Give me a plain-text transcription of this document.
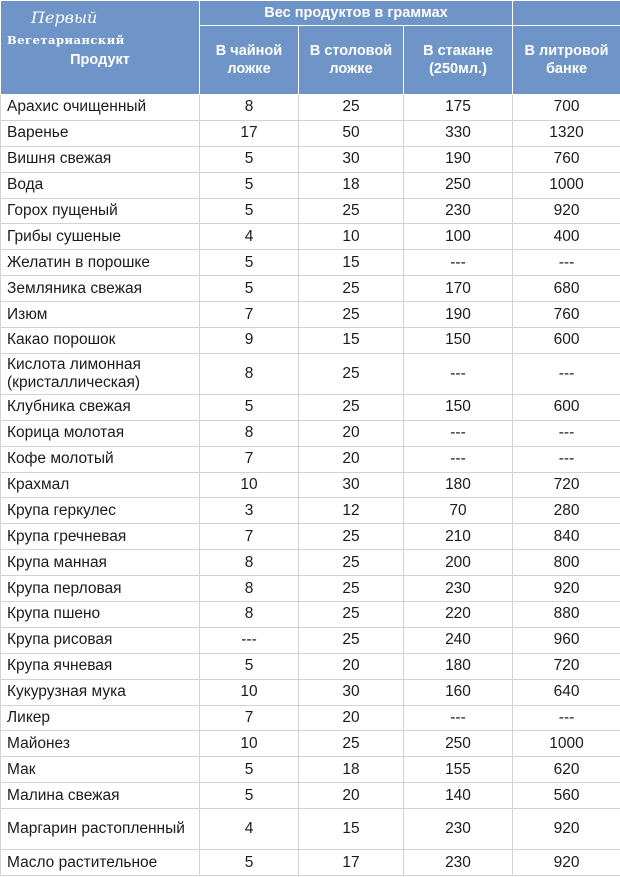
Первый
Вегетарианский
Продукт	Вес продуктов в граммах			
	В чайной ложке	В столовой ложке	В стакане (250мл.)	В литровой банке
Арахис очищенный	8	25	175	700
Варенье	17	50	330	1320
Вишня свежая	5	30	190	760
Вода	5	18	250	1000
Горох пущеный	5	25	230	920
Грибы сушеные	4	10	100	400
Желатин в порошке	5	15	---	---
Земляника свежая	5	25	170	680
Изюм	7	25	190	760
Какао порошок	9	15	150	600
Кислота лимонная (кристаллическая)	8	25	---	---
Клубника свежая	5	25	150	600
Корица молотая	8	20	---	---
Кофе молотый	7	20	---	---
Крахмал	10	30	180	720
Крупа геркулес	3	12	70	280
Крупа гречневая	7	25	210	840
Крупа манная	8	25	200	800
Крупа перловая	8	25	230	920
Крупа пшено	8	25	220	880
Крупа рисовая	---	25	240	960
Крупа ячневая	5	20	180	720
Кукурузная мука	10	30	160	640
Ликер	7	20	---	---
Майонез	10	25	250	1000
Мак	5	18	155	620
Малина свежая	5	20	140	560
Маргарин растопленный	4	15	230	920
Масло растительное	5	17	230	920
